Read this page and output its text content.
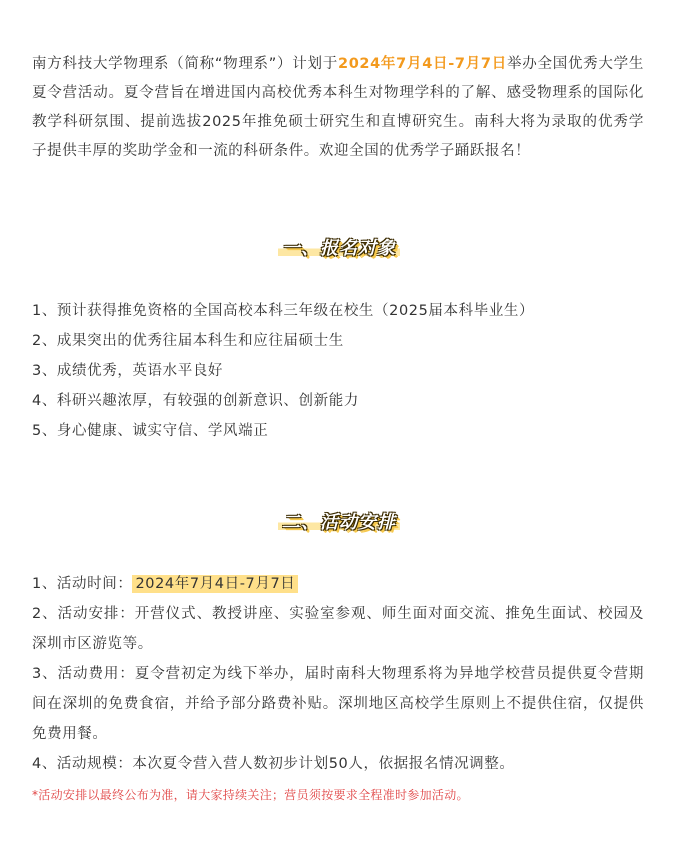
南方科技大学物理系（简称“物理系”）计划于2024年7月4日-7月7日举办全国优秀大学生夏令营活动。夏令营旨在增进国内高校优秀本科生对物理学科的了解、感受物理系的国际化教学科研氛围、提前选拔2025年推免硕士研究生和直博研究生。南科大将为录取的优秀学子提供丰厚的奖助学金和一流的科研条件。欢迎全国的优秀学子踊跃报名！

一、报名对象
1、预计获得推免资格的全国高校本科三年级在校生（2025届本科毕业生）
2、成果突出的优秀往届本科生和应往届硕士生
3、成绩优秀，英语水平良好
4、科研兴趣浓厚，有较强的创新意识、创新能力
5、身心健康、诚实守信、学风端正
二、活动安排
1、活动时间： 2024年7月4日-7月7日
2、活动安排：开营仪式、教授讲座、实验室参观、师生面对面交流、推免生面试、校园及深圳市区游览等。
3、活动费用：夏令营初定为线下举办，届时南科大物理系将为异地学校营员提供夏令营期间在深圳的免费食宿，并给予部分路费补贴。深圳地区高校学生原则上不提供住宿，仅提供免费用餐。
4、活动规模：本次夏令营入营人数初步计划50人，依据报名情况调整。
*活动安排以最终公布为准，请大家持续关注；营员须按要求全程准时参加活动。
